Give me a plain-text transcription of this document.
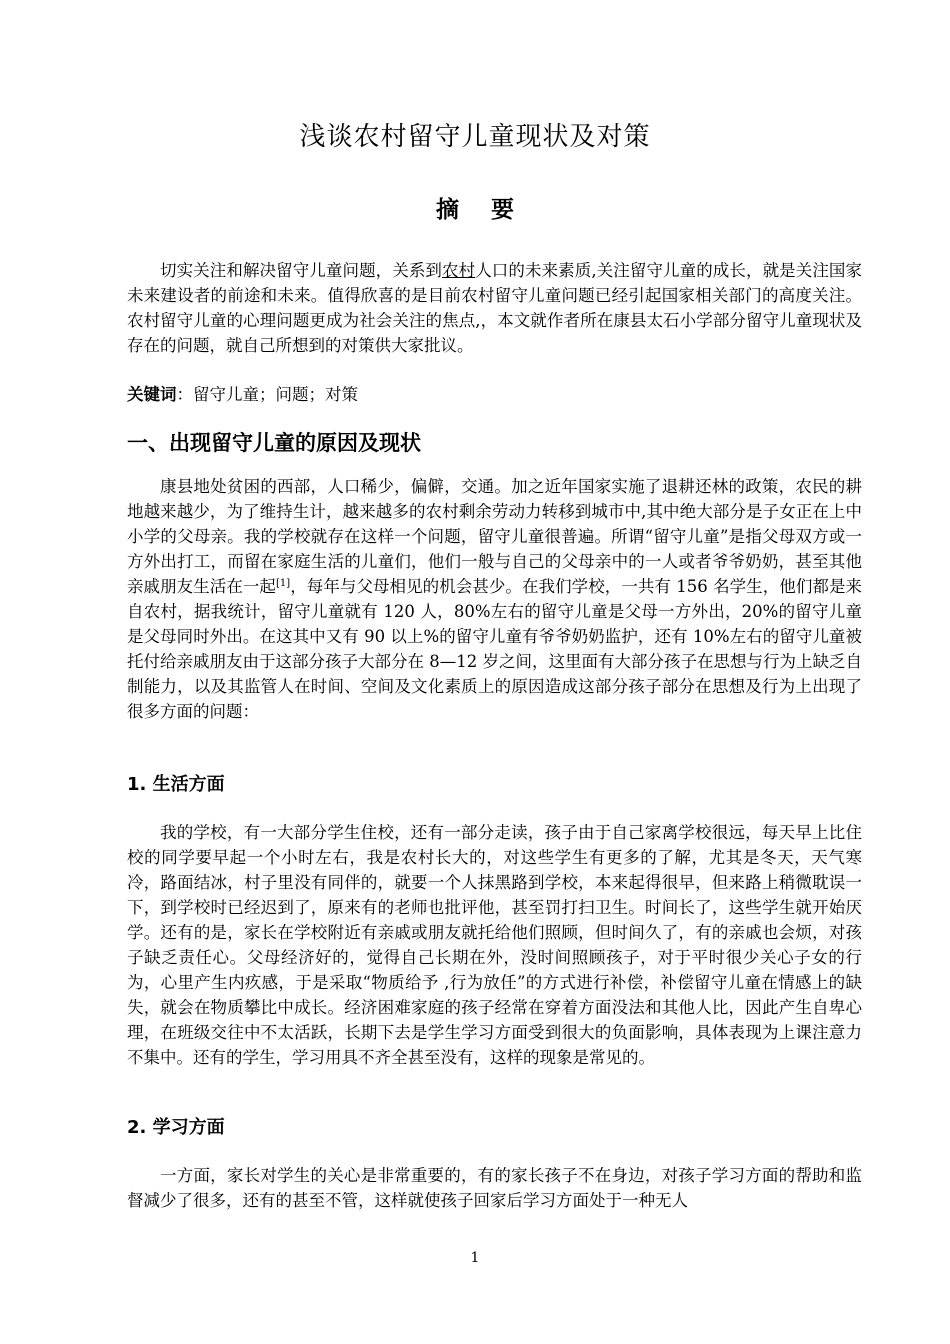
浅谈农村留守儿童现状及对策
摘 要

切实关注和解决留守儿童问题，关系到农村人口的未来素质,关注留守儿童的成长，就是关注国家未来建设者的前途和未来。值得欣喜的是目前农村留守儿童问题已经引起国家相关部门的高度关注。农村留守儿童的心理问题更成为社会关注的焦点,，本文就作者所在康县太石小学部分留守儿童现状及存在的问题，就自己所想到的对策供大家批议。

关键词：留守儿童；问题；对策
一、出现留守儿童的原因及现状

康县地处贫困的西部，人口稀少，偏僻，交通。加之近年国家实施了退耕还林的政策，农民的耕地越来越少，为了维持生计，越来越多的农村剩余劳动力转移到城市中,其中绝大部分是子女正在上中小学的父母亲。我的学校就存在这样一个问题，留守儿童很普遍。所谓“留守儿童”是指父母双方或一方外出打工，而留在家庭生活的儿童们，他们一般与自己的父母亲中的一人或者爷爷奶奶，甚至其他亲戚朋友生活在一起[1]，每年与父母相见的机会甚少。在我们学校，一共有 156 名学生，他们都是来自农村，据我统计，留守儿童就有 120 人，80%左右的留守儿童是父母一方外出，20%的留守儿童是父母同时外出。在这其中又有 90 以上%的留守儿童有爷爷奶奶监护，还有 10%左右的留守儿童被托付给亲戚朋友由于这部分孩子大部分在 8—12 岁之间，这里面有大部分孩子在思想与行为上缺乏自制能力，以及其监管人在时间、空间及文化素质上的原因造成这部分孩子部分在思想及行为上出现了很多方面的问题：

1. 生活方面

我的学校，有一大部分学生住校，还有一部分走读，孩子由于自己家离学校很远，每天早上比住校的同学要早起一个小时左右，我是农村长大的，对这些学生有更多的了解，尤其是冬天，天气寒冷，路面结冰，村子里没有同伴的，就要一个人抹黑路到学校，本来起得很早，但来路上稍微耽误一下，到学校时已经迟到了，原来有的老师也批评他，甚至罚打扫卫生。时间长了，这些学生就开始厌学。还有的是，家长在学校附近有亲戚或朋友就托给他们照顾，但时间久了，有的亲戚也会烦，对孩子缺乏责任心。父母经济好的，觉得自己长期在外，没时间照顾孩子，对于平时很少关心子女的行为，心里产生内疚感，于是采取“物质给予 ,行为放任”的方式进行补偿，补偿留守儿童在情感上的缺失，就会在物质攀比中成长。经济困难家庭的孩子经常在穿着方面没法和其他人比，因此产生自卑心理，在班级交往中不太活跃，长期下去是学生学习方面受到很大的负面影响，具体表现为上课注意力不集中。还有的学生，学习用具不齐全甚至没有，这样的现象是常见的。

2. 学习方面

一方面，家长对学生的关心是非常重要的，有的家长孩子不在身边，对孩子学习方面的帮助和监督减少了很多，还有的甚至不管，这样就使孩子回家后学习方面处于一种无人

1
